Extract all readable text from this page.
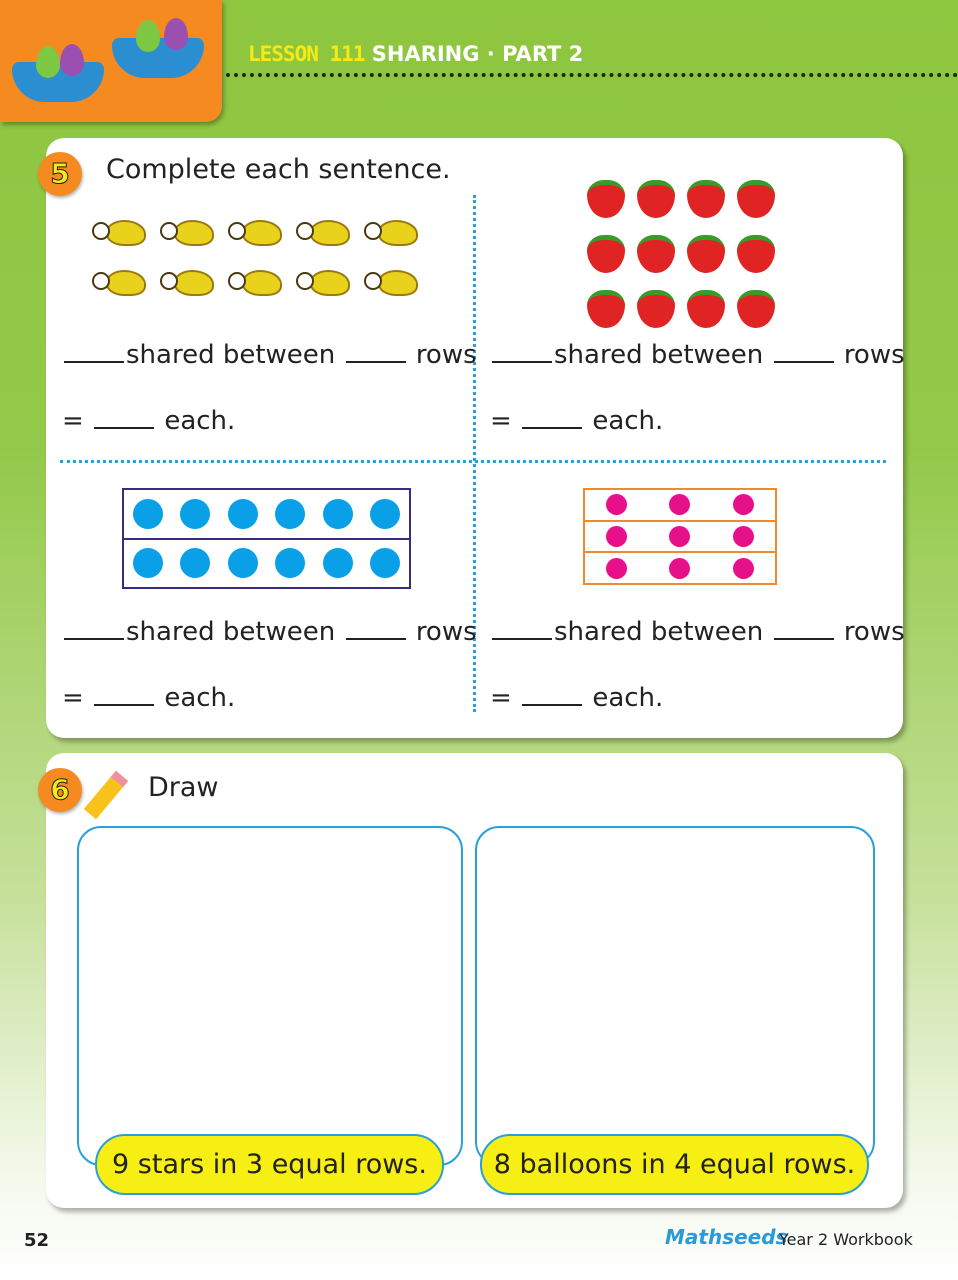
LESSON 111 SHARING · PART 2
5	Complete each sentence.
shared between	rows
=	each.
shared between	rows
=	each.
shared between	rows
=	each.
shared between	rows
=	each.
6	Draw
9 stars in 3 equal rows.	8 balloons in 4 equal rows.
52	Mathseeds
Year 2 Workbook
